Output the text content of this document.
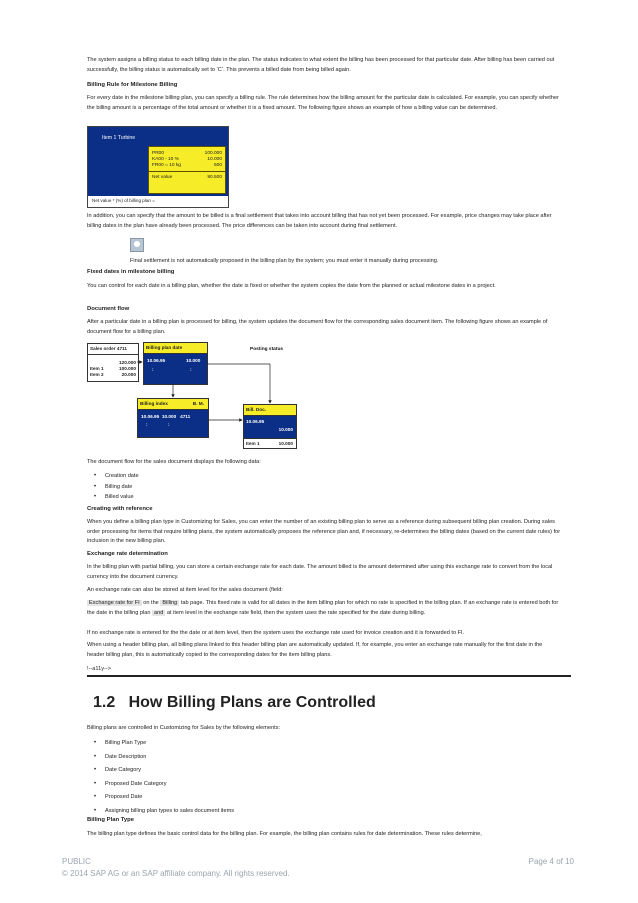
The system assigns a billing status to each billing date in the plan. The status indicates to what extent the billing has been processed for that particular date. After billing has been carried out successfully, the billing status is automatically set to ‘C’. This prevents a billed date from being billed again.

Billing Rule for Milestone Billing

For every date in the milestone billing plan, you can specify a billing rule. The rule determines how the billing amount for the particular date is calculated. For example, you can specify whether the billing amount is a percentage of the total amount or whether it is a fixed amount. The following figure shows an example of how a billing value can be determined.

Item 1 Turbine
PR00	100.000
KA00 - 10 %	10.000
FR00 = 10 kg	500
Net value	90.500
Net value * (%) of billing plan =

In addition, you can specify that the amount to be billed is a final settlement that takes into account billing that has not yet been processed. For example, price changes may take place after billing dates in the plan have already been processed. The price differences can be taken into account during final settlement.

Final settlement is not automatically proposed in the billing plan by the system; you must enter it manually during processing.

Fixed dates in milestone billing

You can control for each date in a billing plan, whether the date is fixed or whether the system copies the date from the planned or actual milestone dates in a project.

Document flow

After a particular date in a billing plan is processed for billing, the system updates the document flow for the corresponding sales document item. The following figure shows an example of document flow for a billing plan.

Sales order 4711
120.000
Item 1	100.000
Item 2	20.000
Billing plan date
10.06.95	10.000
:	:
Posting status
Billing index	B. M.
10.06.95  10.000   4711
:	:
Bill. Doc.
10.06.95
10.000
Item 1	10.000

The document flow for the sales document displays the following data:

• Creation date
• Billing date
• Billed value

Creating with reference

When you define a billing plan type in Customizing for Sales, you can enter the number of an existing billing plan to serve as a reference during subsequent billing plan creation. During sales order processing for items that require billing plans, the system automatically proposes the reference plan and, if necessary, re-determines the billing dates (based on the current date rules) for inclusion in the new billing plan.

Exchange rate determination

In the billing plan with partial billing, you can store a certain exchange rate for each date. The amount billed is the amount determined after using this exchange rate to convert from the local currency into the document currency.

An exchange rate can also be stored at item level for the sales document (field:

Exchange rate for FI on the Billing tab page. This fixed rate is valid for all dates in the item billing plan for which no rate is specified in the billing plan. If an exchange rate is entered both for the date in the billing plan and at item level in the exchange rate field, then the system uses the rate specified for the date during billing.

If no exchange rate is entered for the the date or at item level, then the system uses the exchange rate used for invoice creation and it is forwarded to FI.

When using a header billing plan, all billing plans linked to this header billing plan are automatically updated. If, for example, you enter an exchange rate manually for the first date in the header billing plan, this is automatically copied to the corresponding dates for the item billing plans.

!--a11y-->

1.2 How Billing Plans are Controlled

Billing plans are controlled in Customizing for Sales by the following elements:

• Billing Plan Type
• Date Description
• Date Category
• Proposed Date Category
• Proposed Date
• Assigning billing plan types to sales document items

Billing Plan Type

The billing plan type defines the basic control data for the billing plan. For example, the billing plan contains rules for date determination. These rules determine,

PUBLIC
© 2014 SAP AG or an SAP affiliate company. All rights reserved.
Page 4 of 10
